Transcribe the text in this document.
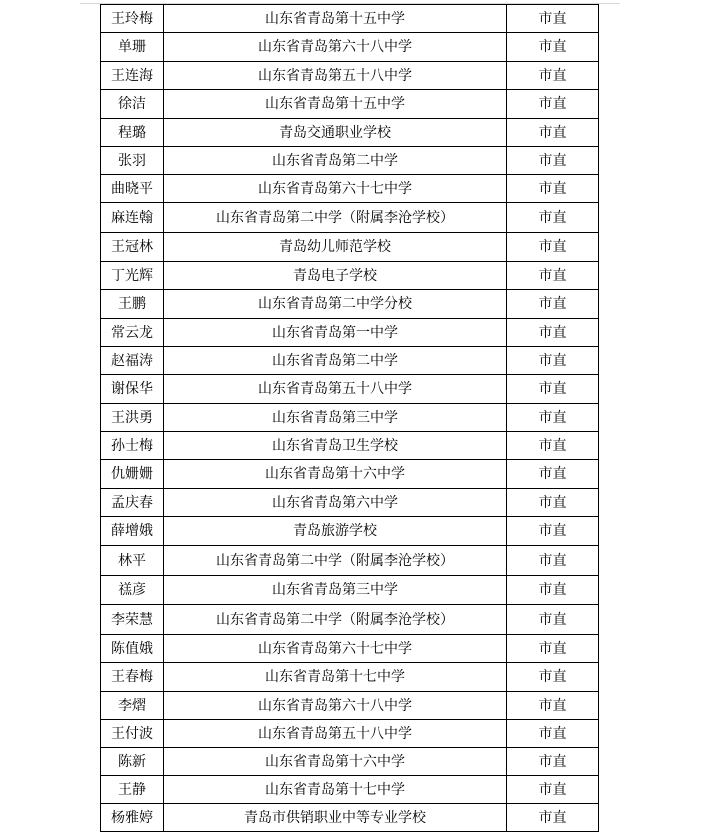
王玲梅	山东省青岛第十五中学	市直
单珊	山东省青岛第六十八中学	市直
王连海	山东省青岛第五十八中学	市直
徐洁	山东省青岛第十五中学	市直
程璐	青岛交通职业学校	市直
张羽	山东省青岛第二中学	市直
曲晓平	山东省青岛第六十七中学	市直
麻连翰	山东省青岛第二中学（附属李沧学校）	市直
王冠林	青岛幼儿师范学校	市直
丁光辉	青岛电子学校	市直
王鹏	山东省青岛第二中学分校	市直
常云龙	山东省青岛第一中学	市直
赵福涛	山东省青岛第二中学	市直
谢保华	山东省青岛第五十八中学	市直
王洪勇	山东省青岛第三中学	市直
孙士梅	山东省青岛卫生学校	市直
仇姗姗	山东省青岛第十六中学	市直
孟庆春	山东省青岛第六中学	市直
薛增娥	青岛旅游学校	市直
林平	山东省青岛第二中学（附属李沧学校）	市直
禚彦	山东省青岛第三中学	市直
李荣慧	山东省青岛第二中学（附属李沧学校）	市直
陈值娥	山东省青岛第六十七中学	市直
王春梅	山东省青岛第十七中学	市直
李熠	山东省青岛第六十八中学	市直
王付波	山东省青岛第五十八中学	市直
陈新	山东省青岛第十六中学	市直
王静	山东省青岛第十七中学	市直
杨雅婷	青岛市供销职业中等专业学校	市直
